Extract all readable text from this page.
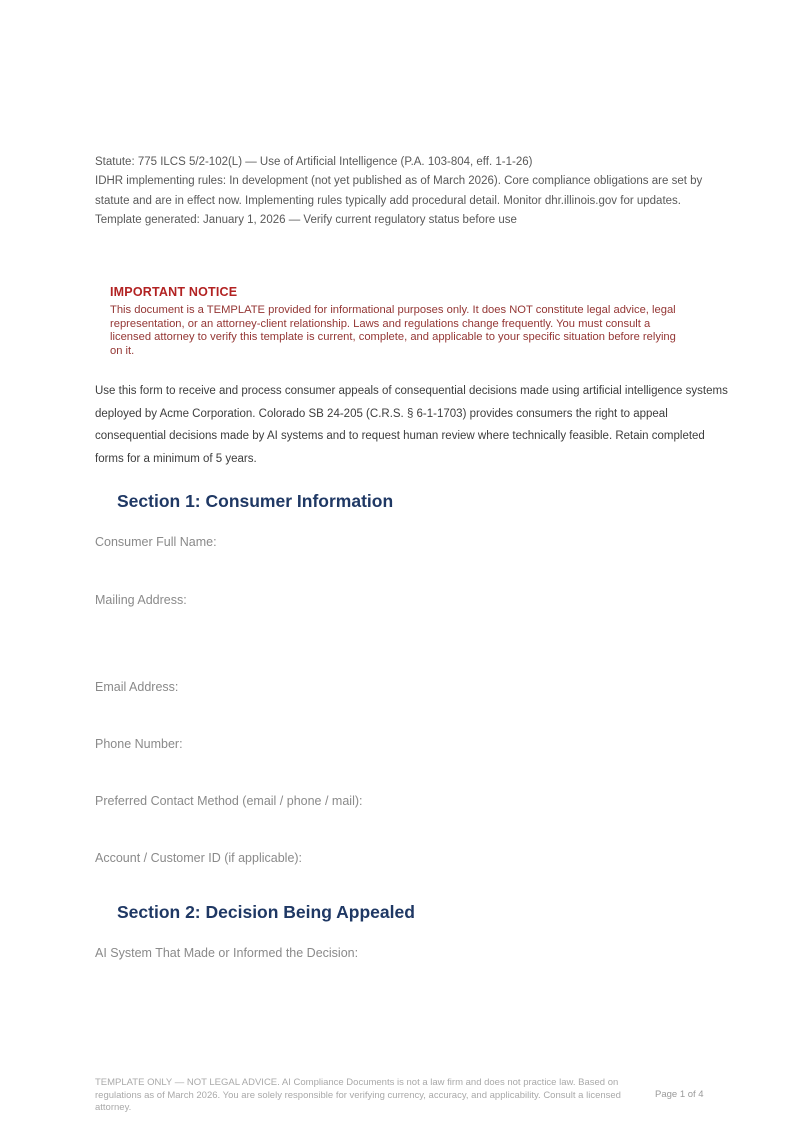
Statute: 775 ILCS 5/2-102(L) — Use of Artificial Intelligence (P.A. 103-804, eff. 1-1-26)
IDHR implementing rules: In development (not yet published as of March 2026). Core compliance obligations are set by statute and are in effect now. Implementing rules typically add procedural detail. Monitor dhr.illinois.gov for updates.
Template generated: January 1, 2026 — Verify current regulatory status before use
IMPORTANT NOTICE
This document is a TEMPLATE provided for informational purposes only. It does NOT constitute legal advice, legal representation, or an attorney-client relationship. Laws and regulations change frequently. You must consult a licensed attorney to verify this template is current, complete, and applicable to your specific situation before relying on it.

Use this form to receive and process consumer appeals of consequential decisions made using artificial intelligence systems deployed by Acme Corporation. Colorado SB 24-205 (C.R.S. § 6-1-1703) provides consumers the right to appeal consequential decisions made by AI systems and to request human review where technically feasible. Retain completed forms for a minimum of 5 years.

Section 1: Consumer Information
Consumer Full Name:
Mailing Address:
Email Address:
Phone Number:
Preferred Contact Method (email / phone / mail):
Account / Customer ID (if applicable):
Section 2: Decision Being Appealed
AI System That Made or Informed the Decision:
TEMPLATE ONLY — NOT LEGAL ADVICE. AI Compliance Documents is not a law firm and does not practice law. Based on regulations as of March 2026. You are solely responsible for verifying currency, accuracy, and applicability. Consult a licensed attorney.
Page 1 of 4
